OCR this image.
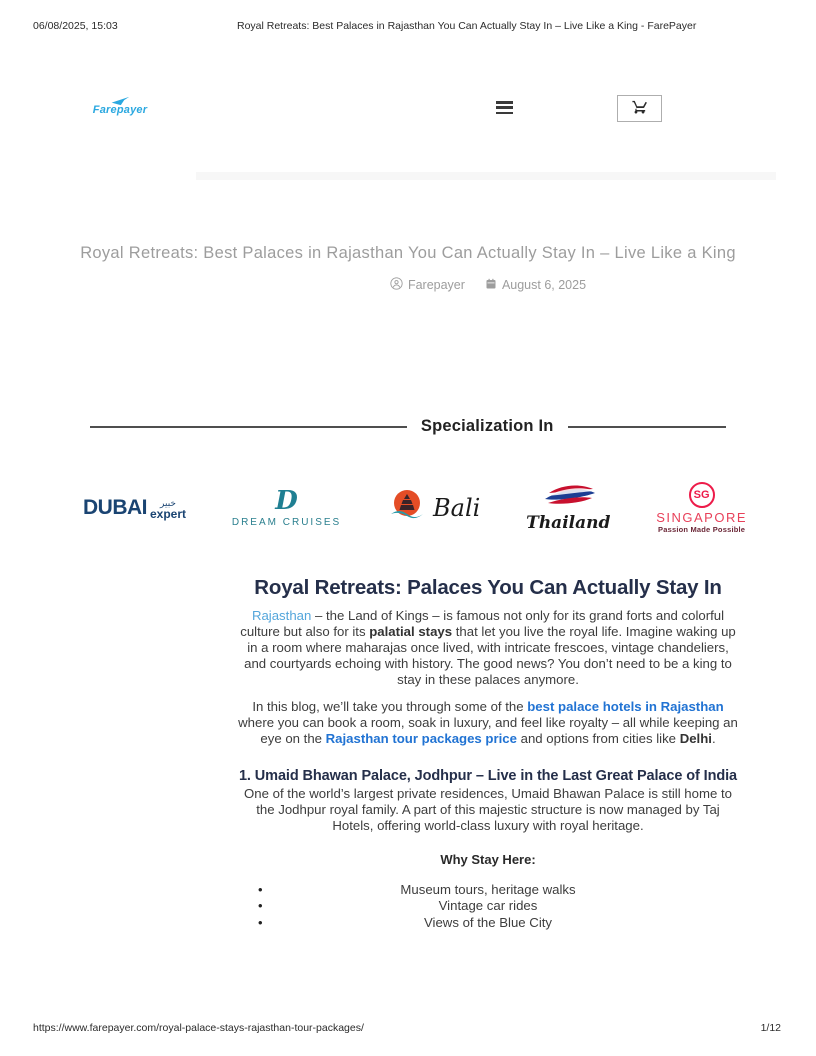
06/08/2025, 15:03	Royal Retreats: Best Palaces in Rajasthan You Can Actually Stay In – Live Like a King - FarePayer
https://www.farepayer.com/royal-palace-stays-rajasthan-tour-packages/	1/12
Farepayer
Royal Retreats: Best Palaces in Rajasthan You Can Actually Stay In – Live Like a King
Farepayer	August 6, 2025
Specialization In
DUBAI	خبير
expert	D
DREAM CRUISES
Bali
Thailand
SG
SINGAPORE
Passion Made Possible
Royal Retreats: Palaces You Can Actually Stay In

Rajasthan – the Land of Kings – is famous not only for its grand forts and colorful culture but also for its palatial stays that let you live the royal life. Imagine waking up in a room where maharajas once lived, with intricate frescoes, vintage chandeliers, and courtyards echoing with history. The good news? You don’t need to be a king to stay in these palaces anymore.

In this blog, we’ll take you through some of the best palace hotels in Rajasthan where you can book a room, soak in luxury, and feel like royalty – all while keeping an eye on the Rajasthan tour packages price and options from cities like Delhi.

1. Umaid Bhawan Palace, Jodhpur – Live in the Last Great Palace of India

One of the world’s largest private residences, Umaid Bhawan Palace is still home to the Jodhpur royal family. A part of this majestic structure is now managed by Taj Hotels, offering world-class luxury with royal heritage.

Why Stay Here:
• Museum tours, heritage walks
• Vintage car rides
• Views of the Blue City
